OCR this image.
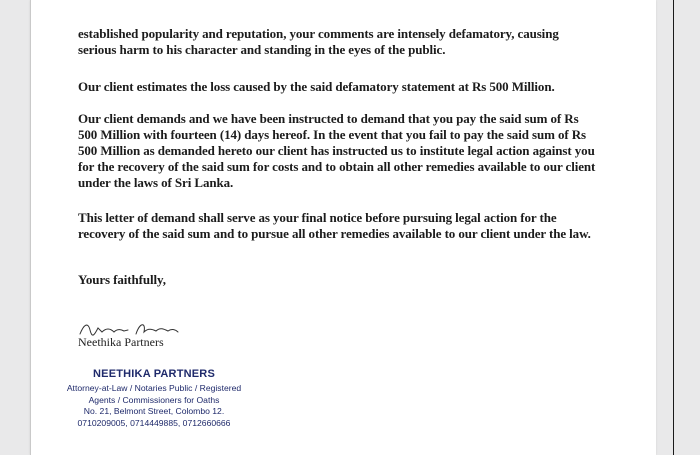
established popularity and reputation, your comments are intensely defamatory, causing serious harm to his character and standing in the eyes of the public.
Our client estimates the loss caused by the said defamatory statement at Rs 500 Million.
Our client demands and we have been instructed to demand that you pay the said sum of Rs 500 Million with fourteen (14) days hereof. In the event that you fail to pay the said sum of Rs 500 Million as demanded hereto our client has instructed us to institute legal action against you for the recovery of the said sum for costs and to obtain all other remedies available to our client under the laws of Sri Lanka.
This letter of demand shall serve as your final notice before pursuing legal action for the recovery of the said sum and to pursue all other remedies available to our client under the law.
Yours faithfully,
Neethika Partners
NEETHIKA PARTNERS
Attorney-at-Law / Notaries Public / Registered
Agents / Commissioners for Oaths
No. 21, Belmont Street, Colombo 12.
0710209005, 0714449885, 0712660666
